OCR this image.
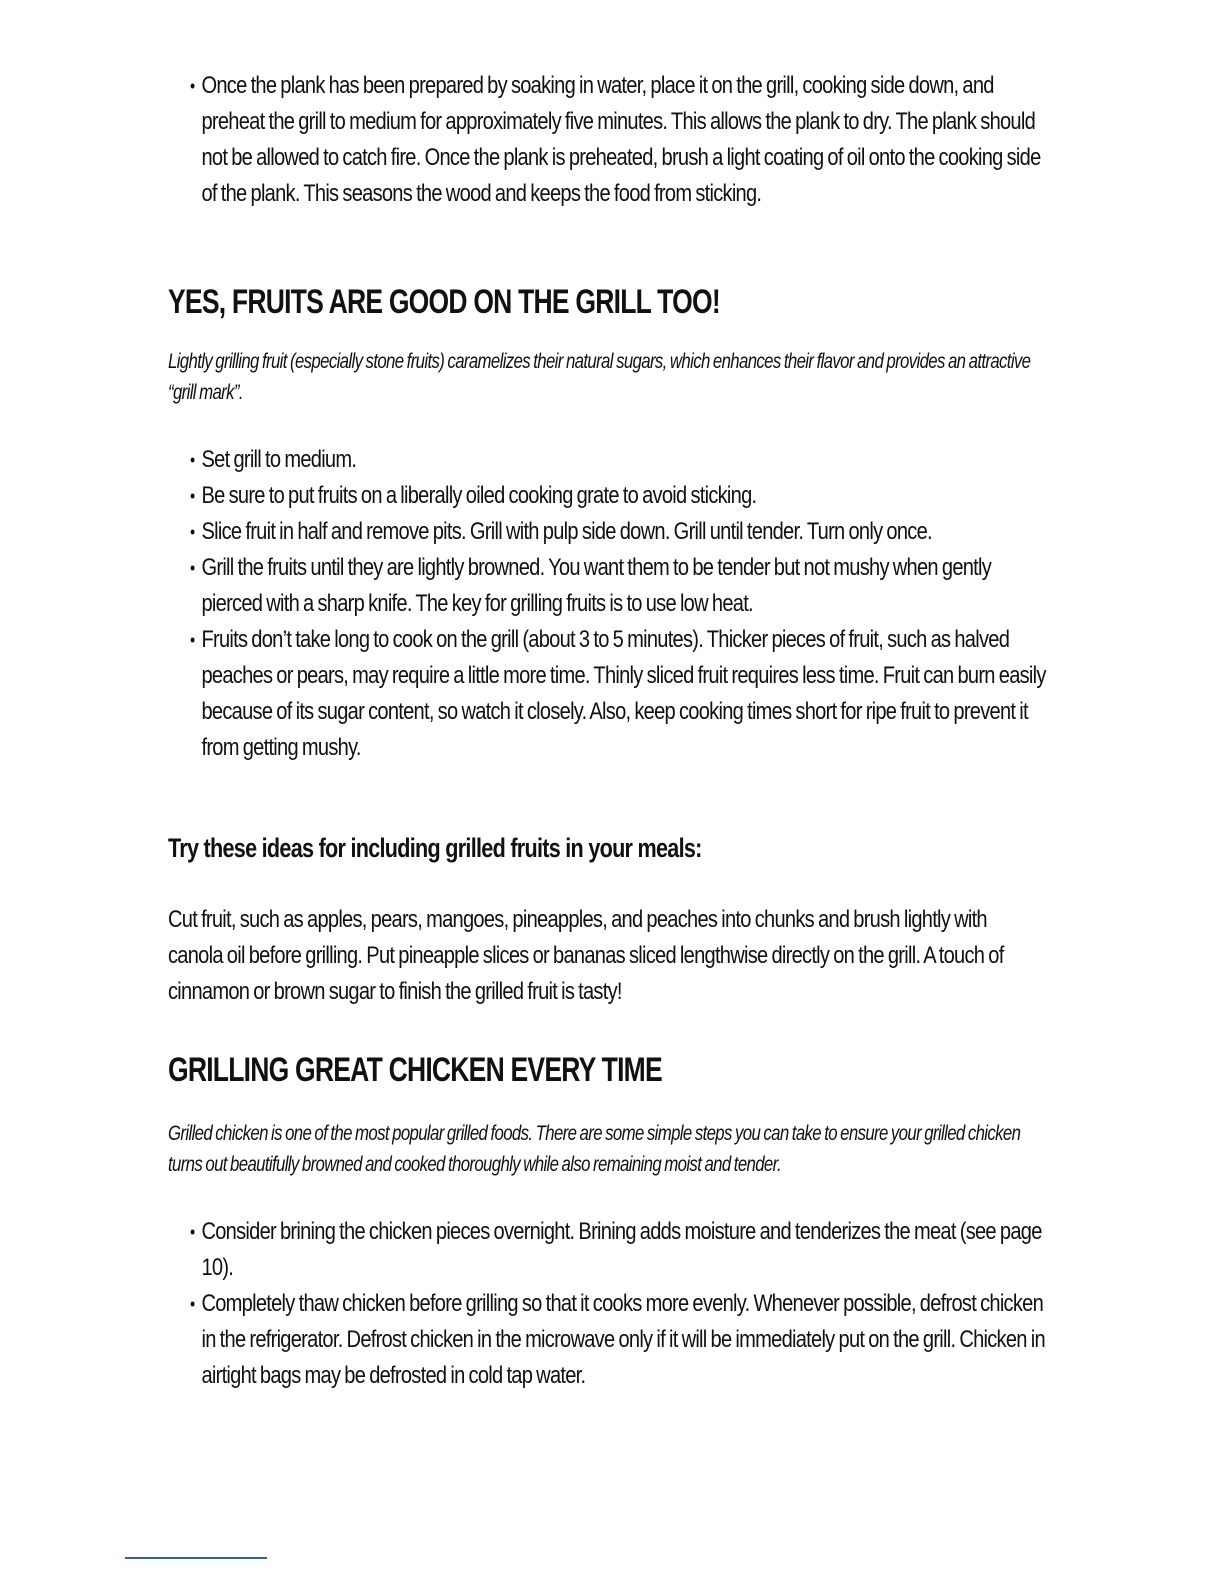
• Once the plank has been prepared by soaking in water, place it on the grill, cooking side down, and preheat the grill to medium for approximately five minutes. This allows the plank to dry. The plank should not be allowed to catch fire. Once the plank is preheated, brush a light coating of oil onto the cooking side of the plank. This seasons the wood and keeps the food from sticking.
YES, FRUITS ARE GOOD ON THE GRILL TOO!

Lightly grilling fruit (especially stone fruits) caramelizes their natural sugars, which enhances their flavor and provides an attractive “grill mark”.

• Set grill to medium.
• Be sure to put fruits on a liberally oiled cooking grate to avoid sticking.
• Slice fruit in half and remove pits. Grill with pulp side down. Grill until tender. Turn only once.
• Grill the fruits until they are lightly browned. You want them to be tender but not mushy when gently pierced with a sharp knife. The key for grilling fruits is to use low heat.
• Fruits don’t take long to cook on the grill (about 3 to 5 minutes). Thicker pieces of fruit, such as halved peaches or pears, may require a little more time. Thinly sliced fruit requires less time. Fruit can burn easily because of its sugar content, so watch it closely. Also, keep cooking times short for ripe fruit to prevent it from getting mushy.
Try these ideas for including grilled fruits in your meals:

Cut fruit, such as apples, pears, mangoes, pineapples, and peaches into chunks and brush lightly with canola oil before grilling. Put pineapple slices or bananas sliced lengthwise directly on the grill. A touch of cinnamon or brown sugar to finish the grilled fruit is tasty!

GRILLING GREAT CHICKEN EVERY TIME

Grilled chicken is one of the most popular grilled foods. There are some simple steps you can take to ensure your grilled chicken turns out beautifully browned and cooked thoroughly while also remaining moist and tender.

• Consider brining the chicken pieces overnight. Brining adds moisture and tenderizes the meat (see page 10).
• Completely thaw chicken before grilling so that it cooks more evenly. Whenever possible, defrost chicken in the refrigerator. Defrost chicken in the microwave only if it will be immediately put on the grill. Chicken in airtight bags may be defrosted in cold tap water.
